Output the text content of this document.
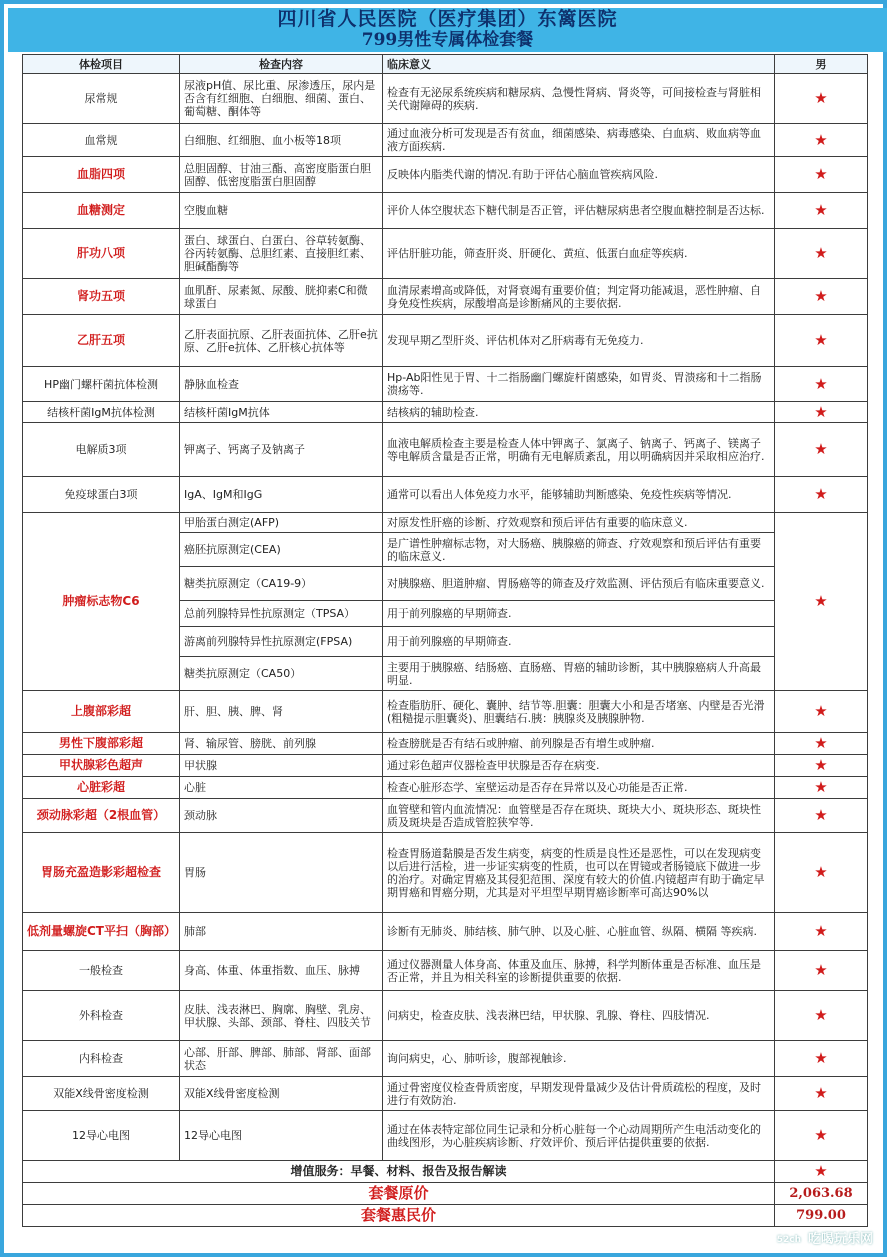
四川省人民医院（医疗集团）东篱医院
799男性专属体检套餐
体检项目	检查内容	临床意义	男
尿常规	尿液pH值、尿比重、尿渗透压，尿内是否含有红细胞、白细胞、细菌、蛋白、葡萄糖、酮体等	检查有无泌尿系统疾病和糖尿病、急慢性肾病、肾炎等，可间接检查与肾脏相关代谢障碍的疾病.	★
血常规	白细胞、红细胞、血小板等18项	通过血液分析可发现是否有贫血，细菌感染、病毒感染、白血病、败血病等血液方面疾病.	★
血脂四项	总胆固醇、甘油三酯、高密度脂蛋白胆固醇、低密度脂蛋白胆固醇	反映体内脂类代谢的情况.有助于评估心脑血管疾病风险.	★
血糖测定	空腹血糖	评价人体空腹状态下糖代制是否正管，评估糖尿病患者空腹血糖控制是否达标.	★
肝功八项	蛋白、球蛋白、白蛋白、谷草转氨酶、谷丙转氨酶、总胆红素、直接胆红素、胆碱酯酶等	评估肝脏功能，筛查肝炎、肝硬化、黄疸、低蛋白血症等疾病.	★
肾功五项	血肌酐、尿素氮、尿酸、胱抑素C和微球蛋白	血清尿素增高或降低，对肾衰竭有重要价值；判定肾功能减退，恶性肿瘤、自身免疫性疾病，尿酸增高是诊断痛风的主要依据.	★
乙肝五项	乙肝表面抗原、乙肝表面抗体、乙肝e抗原、乙肝e抗体、乙肝核心抗体等	发现早期乙型肝炎、评估机体对乙肝病毒有无免疫力.	★
HP幽门螺杆菌抗体检测	静脉血检查	Hp-Ab阳性见于胃、十二指肠幽门螺旋杆菌感染，如胃炎、胃溃疡和十二指肠溃疡等.	★
结核杆菌IgM抗体检测	结核杆菌IgM抗体	结核病的辅助检查.	★
电解质3项	钾离子、钙离子及钠离子	血液电解质检查主要是检查人体中钾离子、氯离子、钠离子、钙离子、镁离子等电解质含量是否正常，明确有无电解质紊乱，用以明确病因并采取相应治疗.	★
免疫球蛋白3项	IgA、IgM和IgG	通常可以看出人体免疫力水平，能够辅助判断感染、免疫性疾病等情况.	★
肿瘤标志物C6	甲胎蛋白测定(AFP)	对原发性肝癌的诊断、疗效观察和预后评估有重要的临床意义.	★
	癌胚抗原测定(CEA)	是广谱性肿瘤标志物，对大肠癌、胰腺癌的筛查、疗效观察和预后评估有重要的临床意义.	
	糖类抗原测定（CA19-9）	对胰腺癌、胆道肿瘤、胃肠癌等的筛查及疗效监测、评估预后有临床重要意义.	
	总前列腺特异性抗原测定（TPSA）	用于前列腺癌的早期筛查.	
	游离前列腺特异性抗原测定(FPSA)	用于前列腺癌的早期筛查.	
	糖类抗原测定（CA50）	主要用于胰腺癌、结肠癌、直肠癌、胃癌的辅助诊断，其中胰腺癌病人升高最明显.	
上腹部彩超	肝、胆、胰、脾、肾	检查脂肪肝、硬化、囊肿、结节等.胆囊：胆囊大小和是否堵塞、内壁是否光滑(粗糙提示胆囊炎)、胆囊结石.胰：胰腺炎及胰腺肿物.	★
男性下腹部彩超	肾、输尿管、膀胱、前列腺	检查膀胱是否有结石或肿瘤、前列腺是否有增生或肿瘤.	★
甲状腺彩色超声	甲状腺	通过彩色超声仪器检查甲状腺是否存在病变.	★
心脏彩超	心脏	检查心脏形态学、室壁运动是否存在异常以及心功能是否正常.	★
颈动脉彩超（2根血管）	颈动脉	血管壁和管内血流情况：血管壁是否存在斑块、斑块大小、斑块形态、斑块性质及斑块是否造成管腔狭窄等.	★
胃肠充盈造影彩超检查	胃肠	检查胃肠道黏膜是否发生病变，病变的性质是良性还是恶性，可以在发现病变以后进行活检，进一步证实病变的性质，也可以在胃镜或者肠镜底下做进一步的治疗。对确定胃癌及其侵犯范围、深度有较大的价值.内镜超声有助于确定早期胃癌和胃癌分期，尤其是对平坦型早期胃癌诊断率可高达90%以	★
低剂量螺旋CT平扫（胸部）	肺部	诊断有无肺炎、肺结核、肺气肿、以及心脏、心脏血管、纵隔、横隔 等疾病.	★
一般检查	身高、体重、体重指数、血压、脉搏	通过仪器测量人体身高、体重及血压、脉搏，科学判断体重是否标准、血压是否正常，并且为相关科室的诊断提供重要的依据.	★
外科检查	皮肤、浅表淋巴、胸廓、胸壁、乳房、甲状腺、头部、颈部、脊柱、四肢关节	问病史，检查皮肤、浅表淋巴结，甲状腺、乳腺、脊柱、四肢情况.	★
内科检查	心部、肝部、脾部、肺部、肾部、面部状态	询问病史，心、肺听诊，腹部视触诊.	★
双能X线骨密度检测	双能X线骨密度检测	通过骨密度仪检查骨质密度，早期发现骨量减少及估计骨质疏松的程度，及时进行有效防治.	★
12导心电图	12导心电图	通过在体表特定部位同生记录和分析心脏每一个心动周期所产生电活动变化的曲线图形，为心脏疾病诊断、疗效评价、预后评估提供重要的依据.	★
增值服务：早餐、材料、报告及报告解读			★
套餐原价			2,063.68
套餐惠民价			799.00
52ch 吃喝玩乐网
